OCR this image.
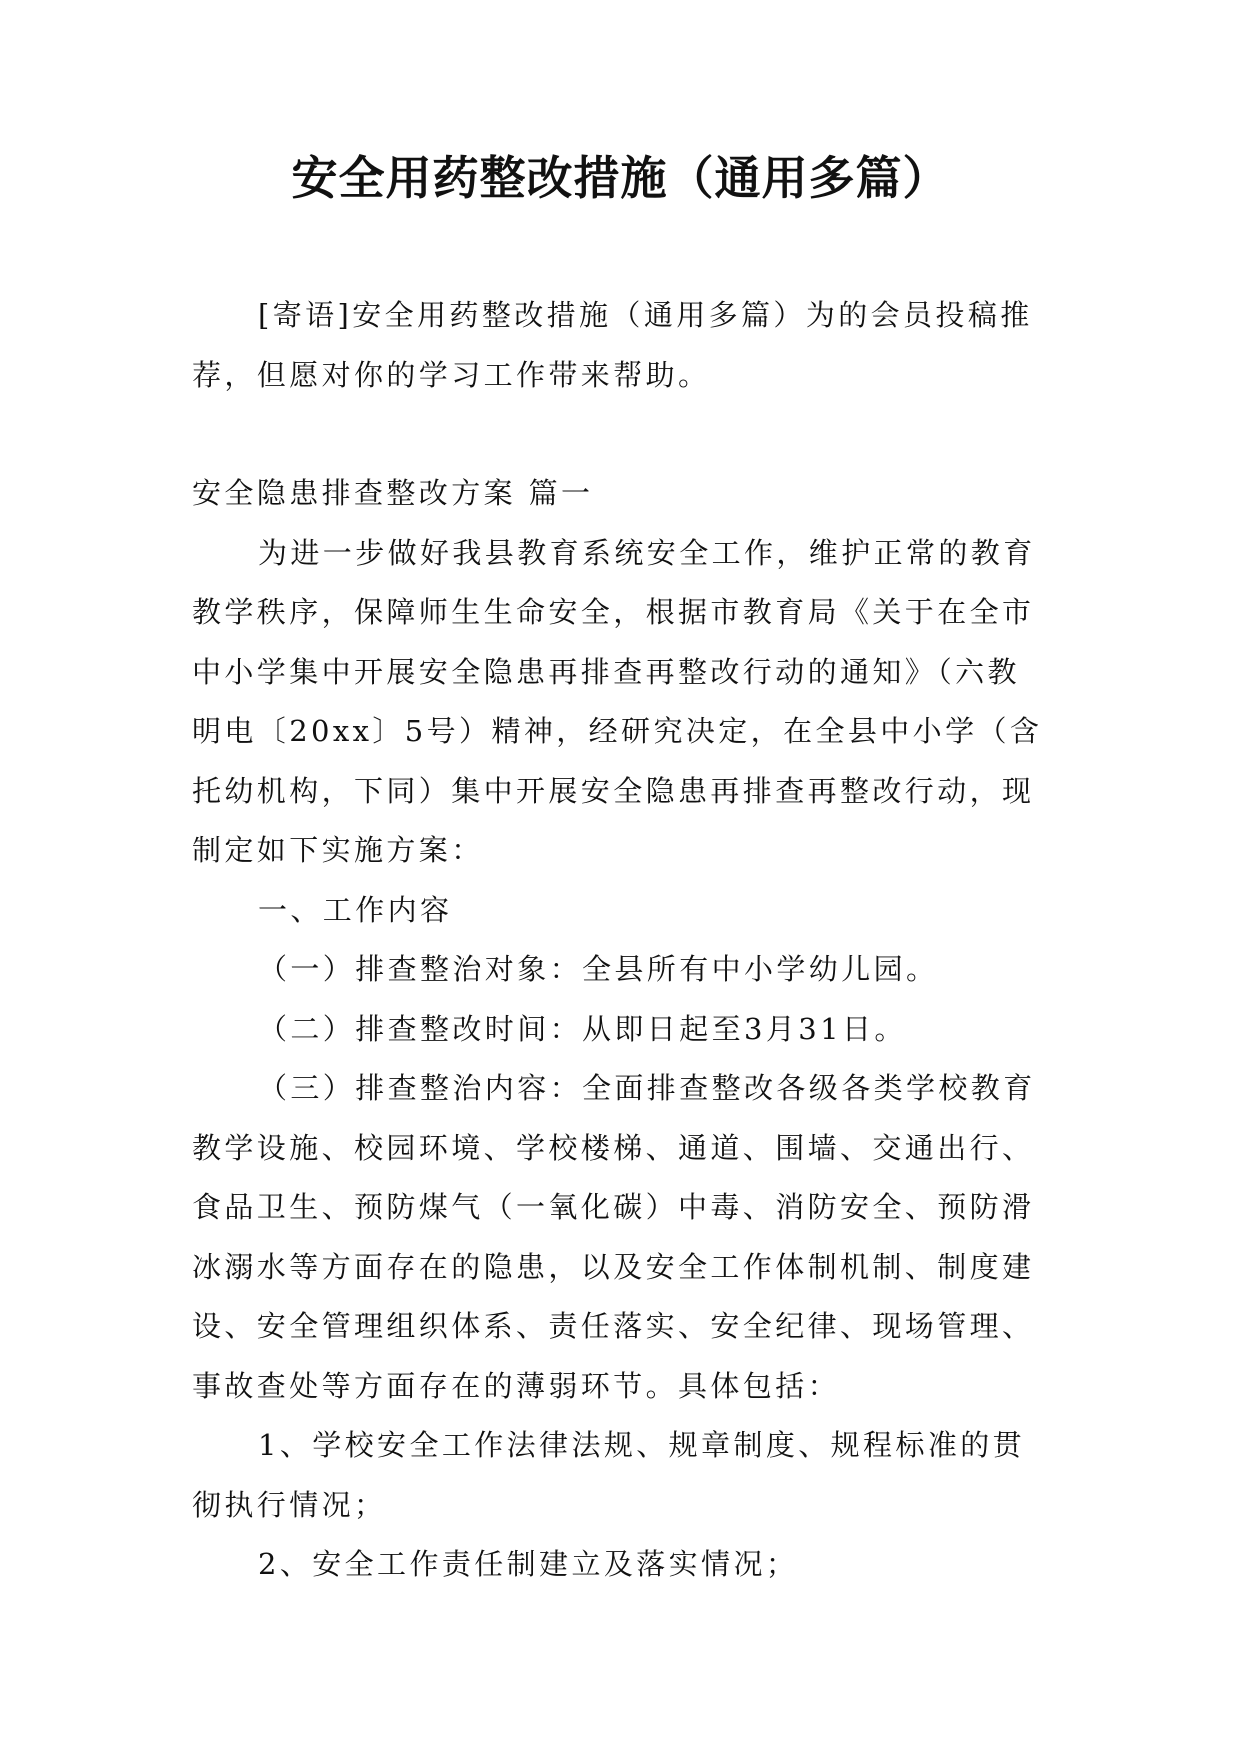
安全用药整改措施（通用多篇）

[寄语]安全用药整改措施（通用多篇）为的会员投稿推荐，但愿对你的学习工作带来帮助。

安全隐患排查整改方案 篇一

为进一步做好我县教育系统安全工作，维护正常的教育教学秩序，保障师生生命安全，根据市教育局《关于在全市中小学集中开展安全隐患再排查再整改行动的通知》（六教明电〔20xx〕5号）精神，经研究决定，在全县中小学（含托幼机构，下同）集中开展安全隐患再排查再整改行动，现制定如下实施方案：

一、工作内容

（一）排查整治对象：全县所有中小学幼儿园。

（二）排查整改时间：从即日起至3月31日。

（三）排查整治内容：全面排查整改各级各类学校教育教学设施、校园环境、学校楼梯、通道、围墙、交通出行、食品卫生、预防煤气（一氧化碳）中毒、消防安全、预防滑冰溺水等方面存在的隐患，以及安全工作体制机制、制度建设、安全管理组织体系、责任落实、安全纪律、现场管理、事故查处等方面存在的薄弱环节。具体包括：

1、学校安全工作法律法规、规章制度、规程标准的贯彻执行情况；

2、安全工作责任制建立及落实情况；
